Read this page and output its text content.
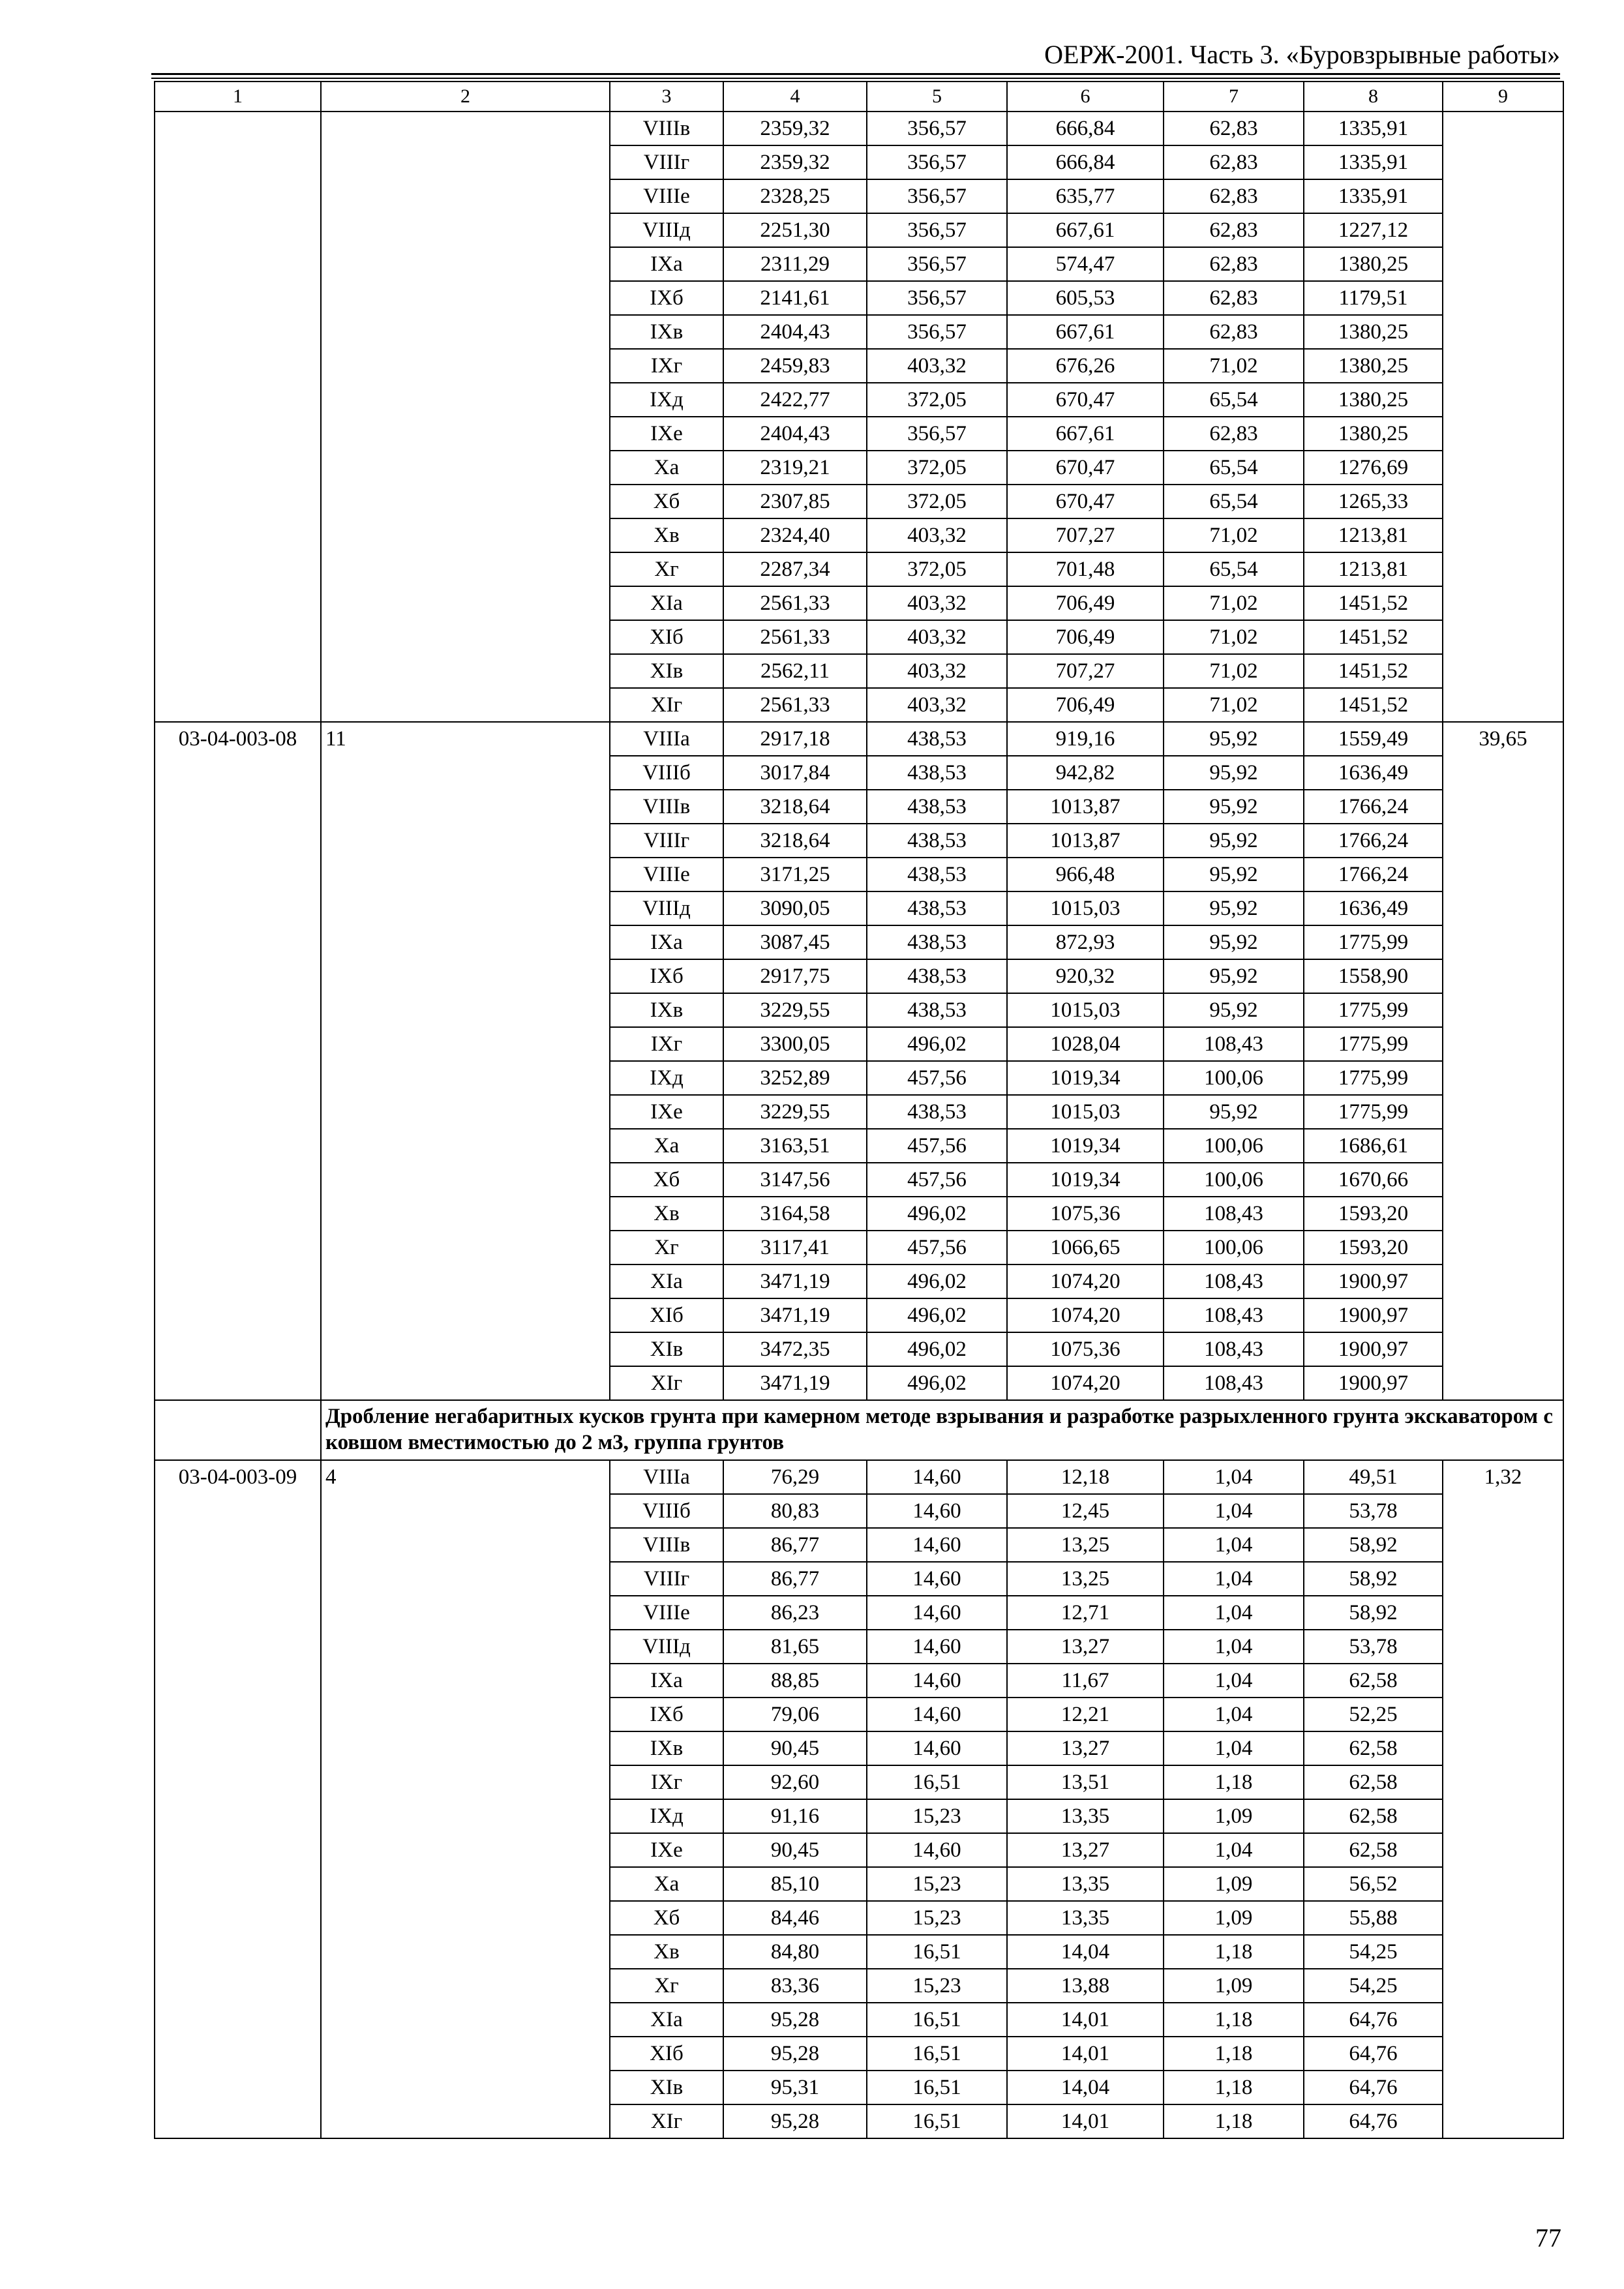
ОЕРЖ-2001. Часть 3. «Буровзрывные работы»
1	2	3	4	5	6	7	8	9
		VIIIв	2359,32	356,57	666,84	62,83	1335,91	
		VIIIг	2359,32	356,57	666,84	62,83	1335,91	
		VIIIе	2328,25	356,57	635,77	62,83	1335,91	
		VIIIд	2251,30	356,57	667,61	62,83	1227,12	
		IXа	2311,29	356,57	574,47	62,83	1380,25	
		IXб	2141,61	356,57	605,53	62,83	1179,51	
		IXв	2404,43	356,57	667,61	62,83	1380,25	
		IXг	2459,83	403,32	676,26	71,02	1380,25	
		IXд	2422,77	372,05	670,47	65,54	1380,25	
		IXе	2404,43	356,57	667,61	62,83	1380,25	
		Xа	2319,21	372,05	670,47	65,54	1276,69	
		Xб	2307,85	372,05	670,47	65,54	1265,33	
		Xв	2324,40	403,32	707,27	71,02	1213,81	
		Xг	2287,34	372,05	701,48	65,54	1213,81	
		XIа	2561,33	403,32	706,49	71,02	1451,52	
		XIб	2561,33	403,32	706,49	71,02	1451,52	
		XIв	2562,11	403,32	707,27	71,02	1451,52	
		XIг	2561,33	403,32	706,49	71,02	1451,52	
03-04-003-08	11	VIIIа	2917,18	438,53	919,16	95,92	1559,49	39,65
		VIIIб	3017,84	438,53	942,82	95,92	1636,49	
		VIIIв	3218,64	438,53	1013,87	95,92	1766,24	
		VIIIг	3218,64	438,53	1013,87	95,92	1766,24	
		VIIIе	3171,25	438,53	966,48	95,92	1766,24	
		VIIIд	3090,05	438,53	1015,03	95,92	1636,49	
		IXа	3087,45	438,53	872,93	95,92	1775,99	
		IXб	2917,75	438,53	920,32	95,92	1558,90	
		IXв	3229,55	438,53	1015,03	95,92	1775,99	
		IXг	3300,05	496,02	1028,04	108,43	1775,99	
		IXд	3252,89	457,56	1019,34	100,06	1775,99	
		IXе	3229,55	438,53	1015,03	95,92	1775,99	
		Xа	3163,51	457,56	1019,34	100,06	1686,61	
		Xб	3147,56	457,56	1019,34	100,06	1670,66	
		Xв	3164,58	496,02	1075,36	108,43	1593,20	
		Xг	3117,41	457,56	1066,65	100,06	1593,20	
		XIа	3471,19	496,02	1074,20	108,43	1900,97	
		XIб	3471,19	496,02	1074,20	108,43	1900,97	
		XIв	3472,35	496,02	1075,36	108,43	1900,97	
		XIг	3471,19	496,02	1074,20	108,43	1900,97	
	Дробление негабаритных кусков грунта при камерном методе взрывания и разработке разрыхленного грунта экскаватором с ковшом вместимостью до 2 м3, группа грунтов							
03-04-003-09	4	VIIIа	76,29	14,60	12,18	1,04	49,51	1,32
		VIIIб	80,83	14,60	12,45	1,04	53,78	
		VIIIв	86,77	14,60	13,25	1,04	58,92	
		VIIIг	86,77	14,60	13,25	1,04	58,92	
		VIIIе	86,23	14,60	12,71	1,04	58,92	
		VIIIд	81,65	14,60	13,27	1,04	53,78	
		IXа	88,85	14,60	11,67	1,04	62,58	
		IXб	79,06	14,60	12,21	1,04	52,25	
		IXв	90,45	14,60	13,27	1,04	62,58	
		IXг	92,60	16,51	13,51	1,18	62,58	
		IXд	91,16	15,23	13,35	1,09	62,58	
		IXе	90,45	14,60	13,27	1,04	62,58	
		Xа	85,10	15,23	13,35	1,09	56,52	
		Xб	84,46	15,23	13,35	1,09	55,88	
		Xв	84,80	16,51	14,04	1,18	54,25	
		Xг	83,36	15,23	13,88	1,09	54,25	
		XIа	95,28	16,51	14,01	1,18	64,76	
		XIб	95,28	16,51	14,01	1,18	64,76	
		XIв	95,31	16,51	14,04	1,18	64,76	
		XIг	95,28	16,51	14,01	1,18	64,76	
77
